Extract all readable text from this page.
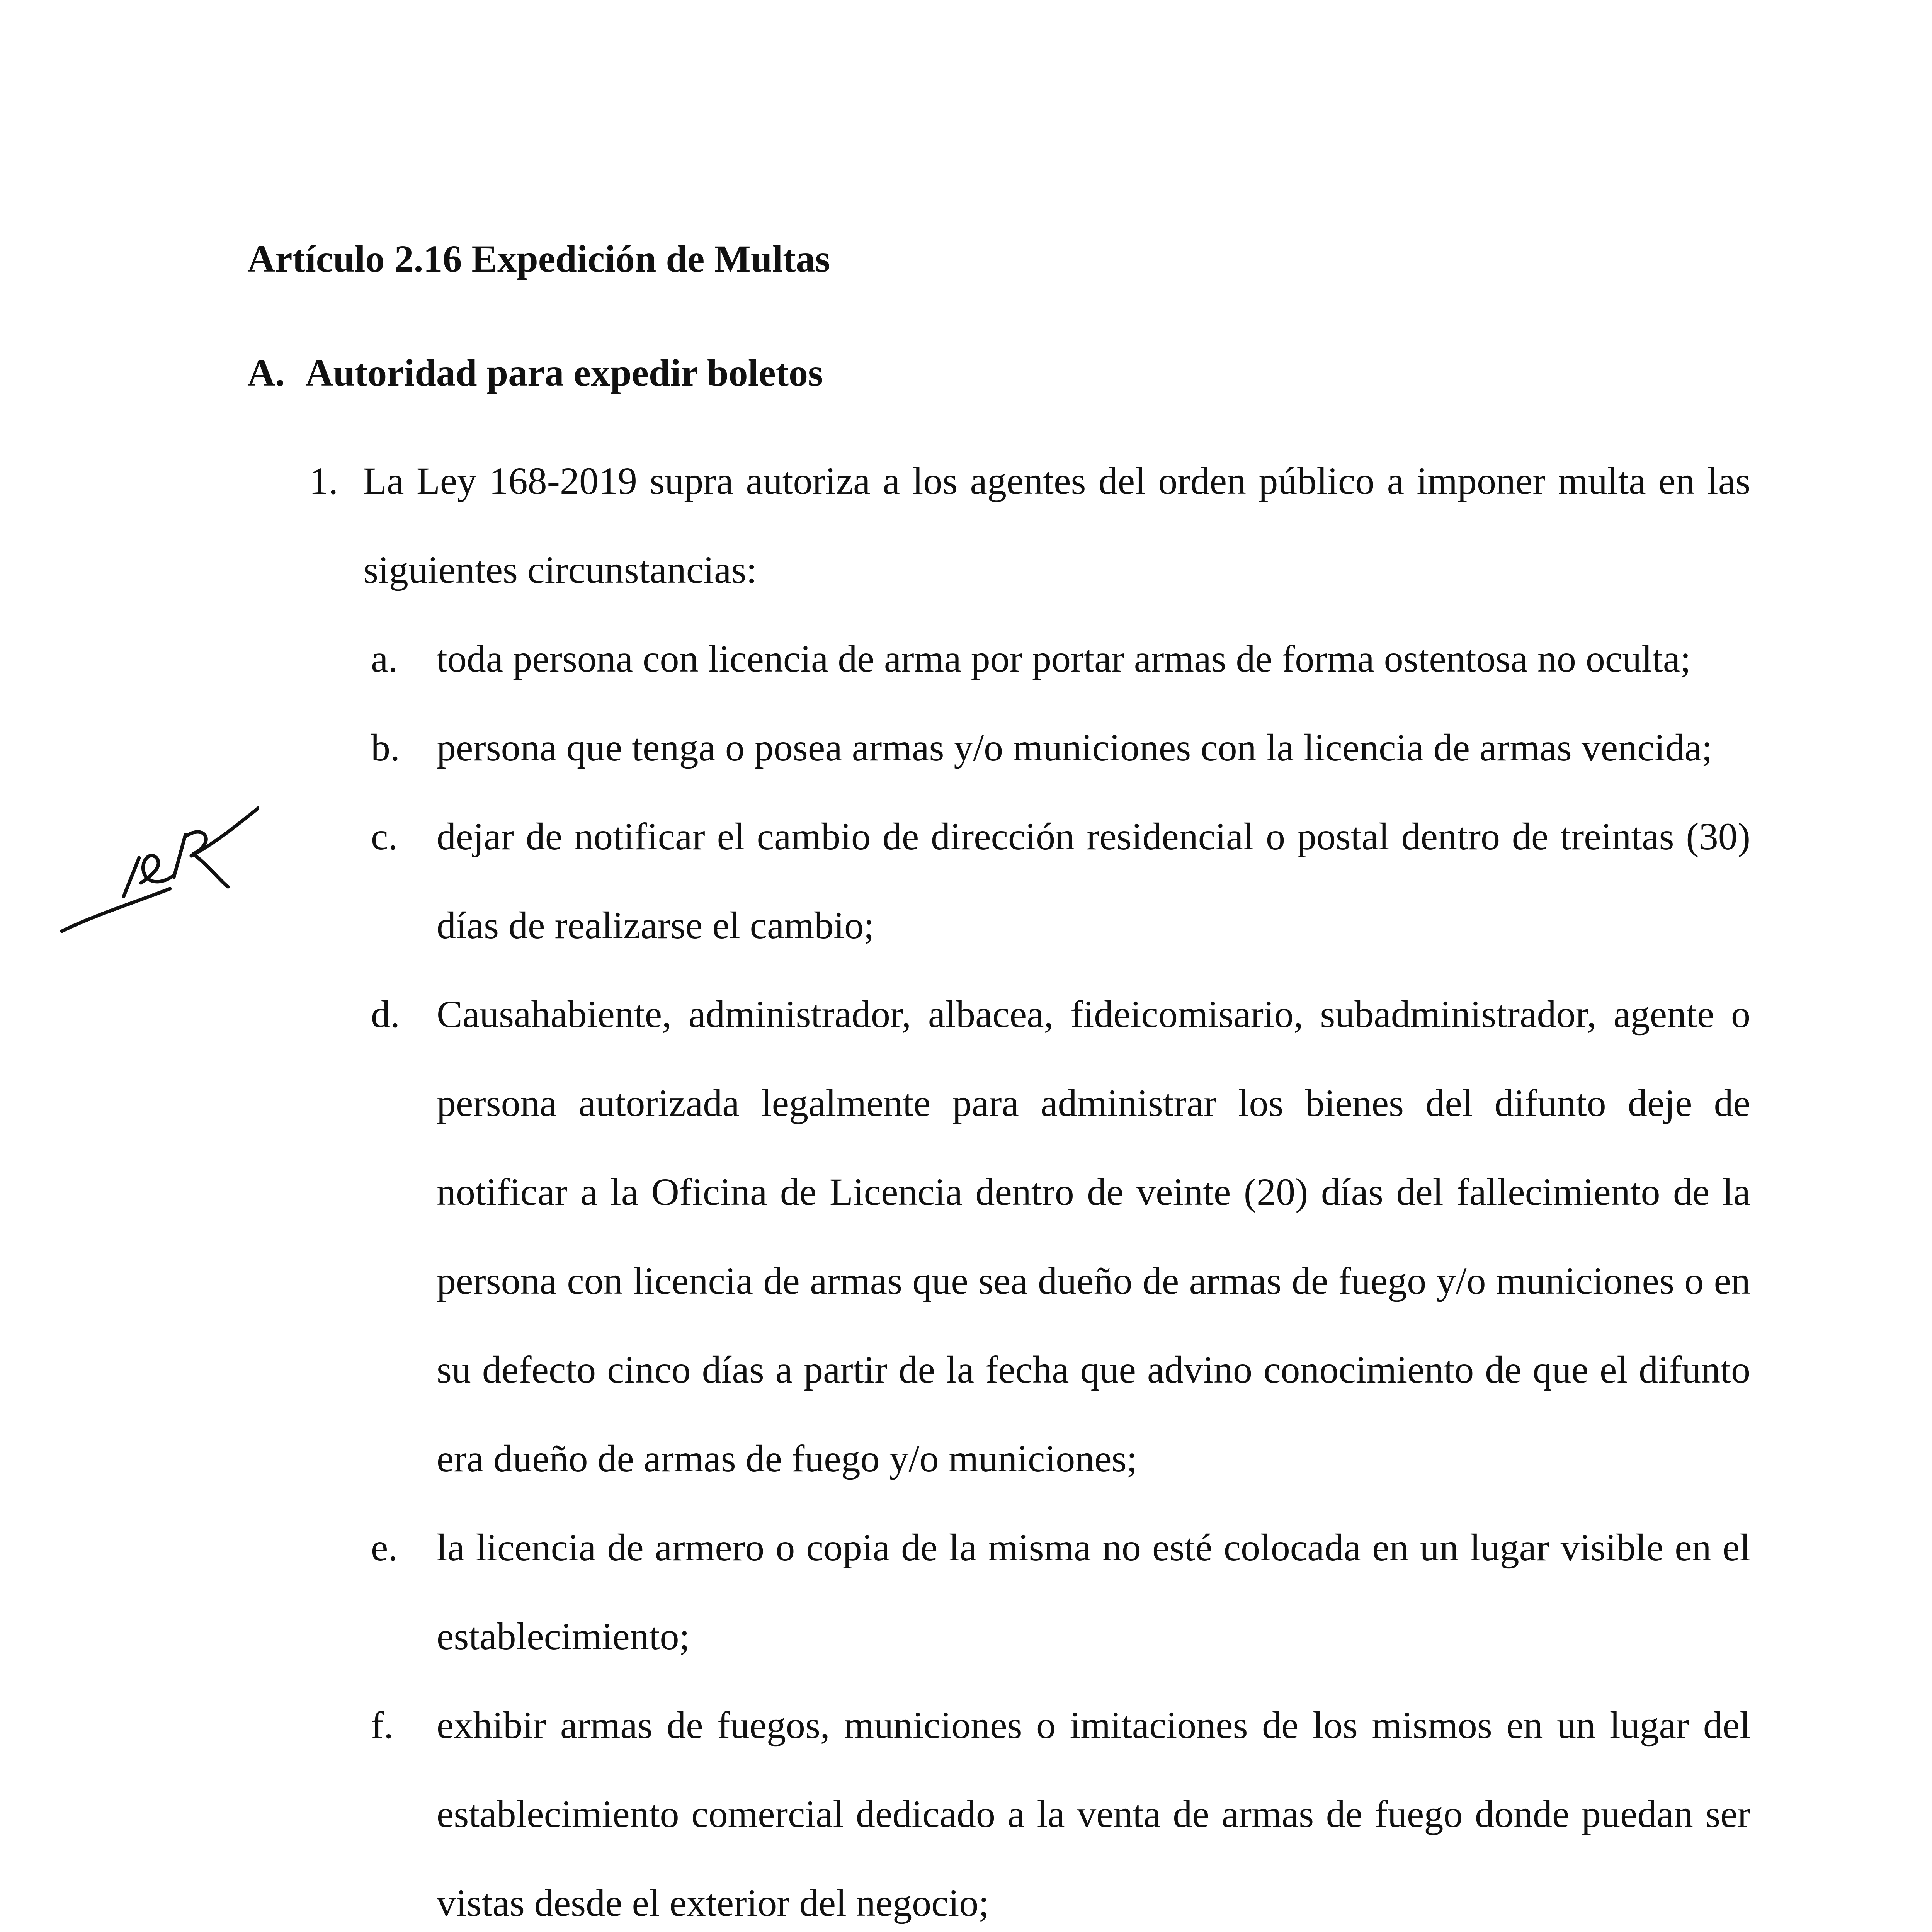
Artículo 2.16 Expedición de Multas
A. Autoridad para expedir boletos
1. La Ley 168-2019 supra autoriza a los agentes del orden público a imponer multa en las siguientes circunstancias:
a. toda persona con licencia de arma por portar armas de forma ostentosa no oculta;
b. persona que tenga o posea armas y/o municiones con la licencia de armas vencida;
c. dejar de notificar el cambio de dirección residencial o postal dentro de treintas (30) días de realizarse el cambio;
d. Causahabiente, administrador, albacea, fideicomisario, subadministrador, agente o persona autorizada legalmente para administrar los bienes del difunto deje de notificar a la Oficina de Licencia dentro de veinte (20) días del fallecimiento de la persona con licencia de armas que sea dueño de armas de fuego y/o municiones o en su defecto cinco días a partir de la fecha que advino conocimiento de que el difunto era dueño de armas de fuego y/o municiones;
e. la licencia de armero o copia de la misma no esté colocada en un lugar visible en el establecimiento;
f. exhibir armas de fuegos, municiones o imitaciones de los mismos en un lugar del establecimiento comercial dedicado a la venta de armas de fuego donde puedan ser vistas desde el exterior del negocio;
